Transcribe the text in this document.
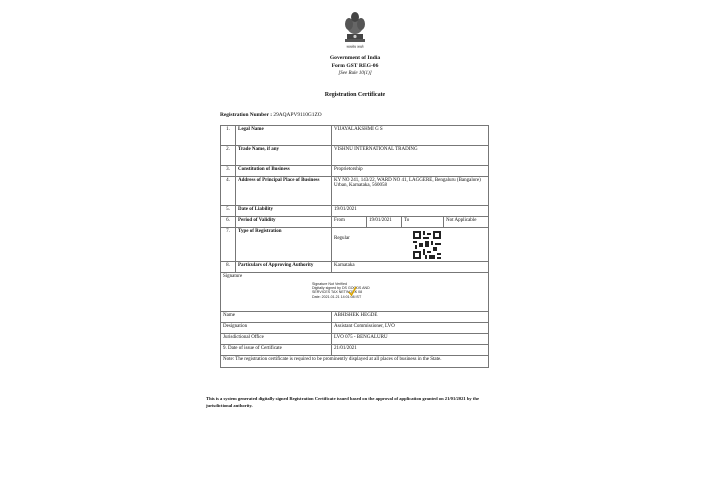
सत्यमेव जयते
Government of India
Form GST REG-06
[See Rule 10(1)]
Registration Certificate
Registration Number : 29AQAPV9110G1ZO
1.	Legal Name	VIJAYALAKSHMI G S			
2.	Trade Name, if any	VISHNU INTERNATIONAL TRADING			
3.	Constitution of Business	Proprietorship			
4.	Address of Principal Place of Business	KY NO 241, 143/22, WARD NO 41, LAGGERE, Bengaluru (Bangalore) Urban, Karnataka, 560058			
5.	Date of Liability	19/01/2021			
6.	Period of Validity	From	19/01/2021	To	Not Applicable
7.	Type of Registration	Regular			

8.	Particulars of Approving Authority	Karnataka			
Signature					
Name		ABHISHEK HEGDE			
Designation		Assistant Commissioner, LVO			
Jurisdictional Office		LVO 075 - BENGALURU			
9. Date of issue of Certificate		21/01/2021			
Note: The registration certificate is required to be prominently displayed at all places of business in the State.					
Signature Not Verified
Digitally signed by DS GOODS AND
SERVICES TAX NETWORK 08
Date: 2021.01.21 14:01:08 IST
This is a system generated digitally signed Registration Certificate issued based on the approval of application granted on 21/01/2021 by the jurisdictional authority.
